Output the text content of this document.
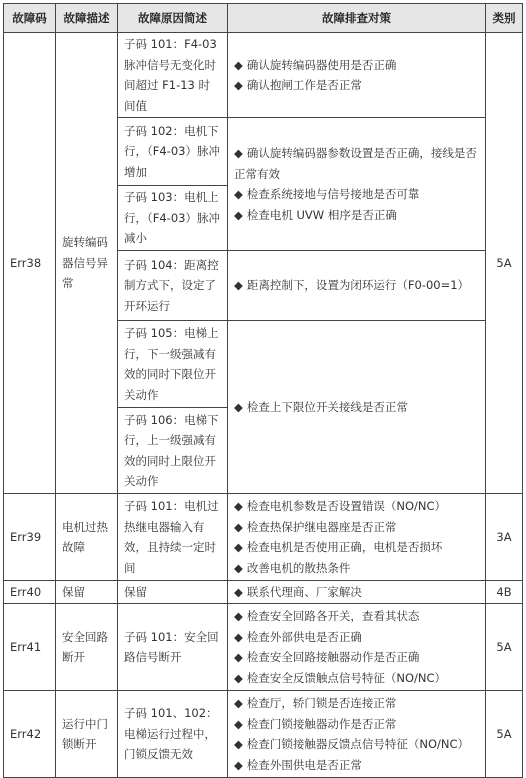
故障码	故障描述	故障原因简述	故障排查对策	类别
Err38	旋转编码器信号异常	子码 101：F4-03 脉冲信号无变化时间超过 F1-13 时间值	◆ 确认旋转编码器使用是否正确
◆ 确认抱闸工作是否正常	5A
		子码 102：电机下行，（F4-03）脉冲增加	◆ 确认旋转编码器参数设置是否正确，接线是否正常有效
◆ 检查系统接地与信号接地是否可靠
◆ 检查电机 UVW 相序是否正确	

		子码 103：电机上行，（F4-03）脉冲减小		
		子码 104：距离控制方式下，设定了开环运行	◆ 距离控制下，设置为闭环运行（F0-00=1）	

		子码 105：电梯上行，下一级强减有效的同时下限位开关动作	◆ 检查上下限位开关接线是否正常	

		子码 106：电梯下行，上一级强减有效的同时上限位开关动作		

Err39	电机过热故障	子码 101：电机过热继电器输入有效，且持续一定时间	◆ 检查电机参数是否设置错误（NO/NC）
◆ 检查热保护继电器座是否正常
◆ 检查电机是否使用正确，电机是否损坏
◆ 改善电机的散热条件	3A
Err40	保留	保留	◆ 联系代理商、厂家解决	4B
Err41	安全回路断开	子码 101：安全回路信号断开	◆ 检查安全回路各开关，查看其状态
◆ 检查外部供电是否正确
◆ 检查安全回路接触器动作是否正确
◆ 检查安全反馈触点信号特征（NO/NC）	5A
Err42	运行中门锁断开	子码 101、102：电梯运行过程中，门锁反馈无效	◆ 检查厅，轿门锁是否连接正常
◆ 检查门锁接触器动作是否正常
◆ 检查门锁接触器反馈点信号特征（NO/NC）
◆ 检查外围供电是否正常	5A
